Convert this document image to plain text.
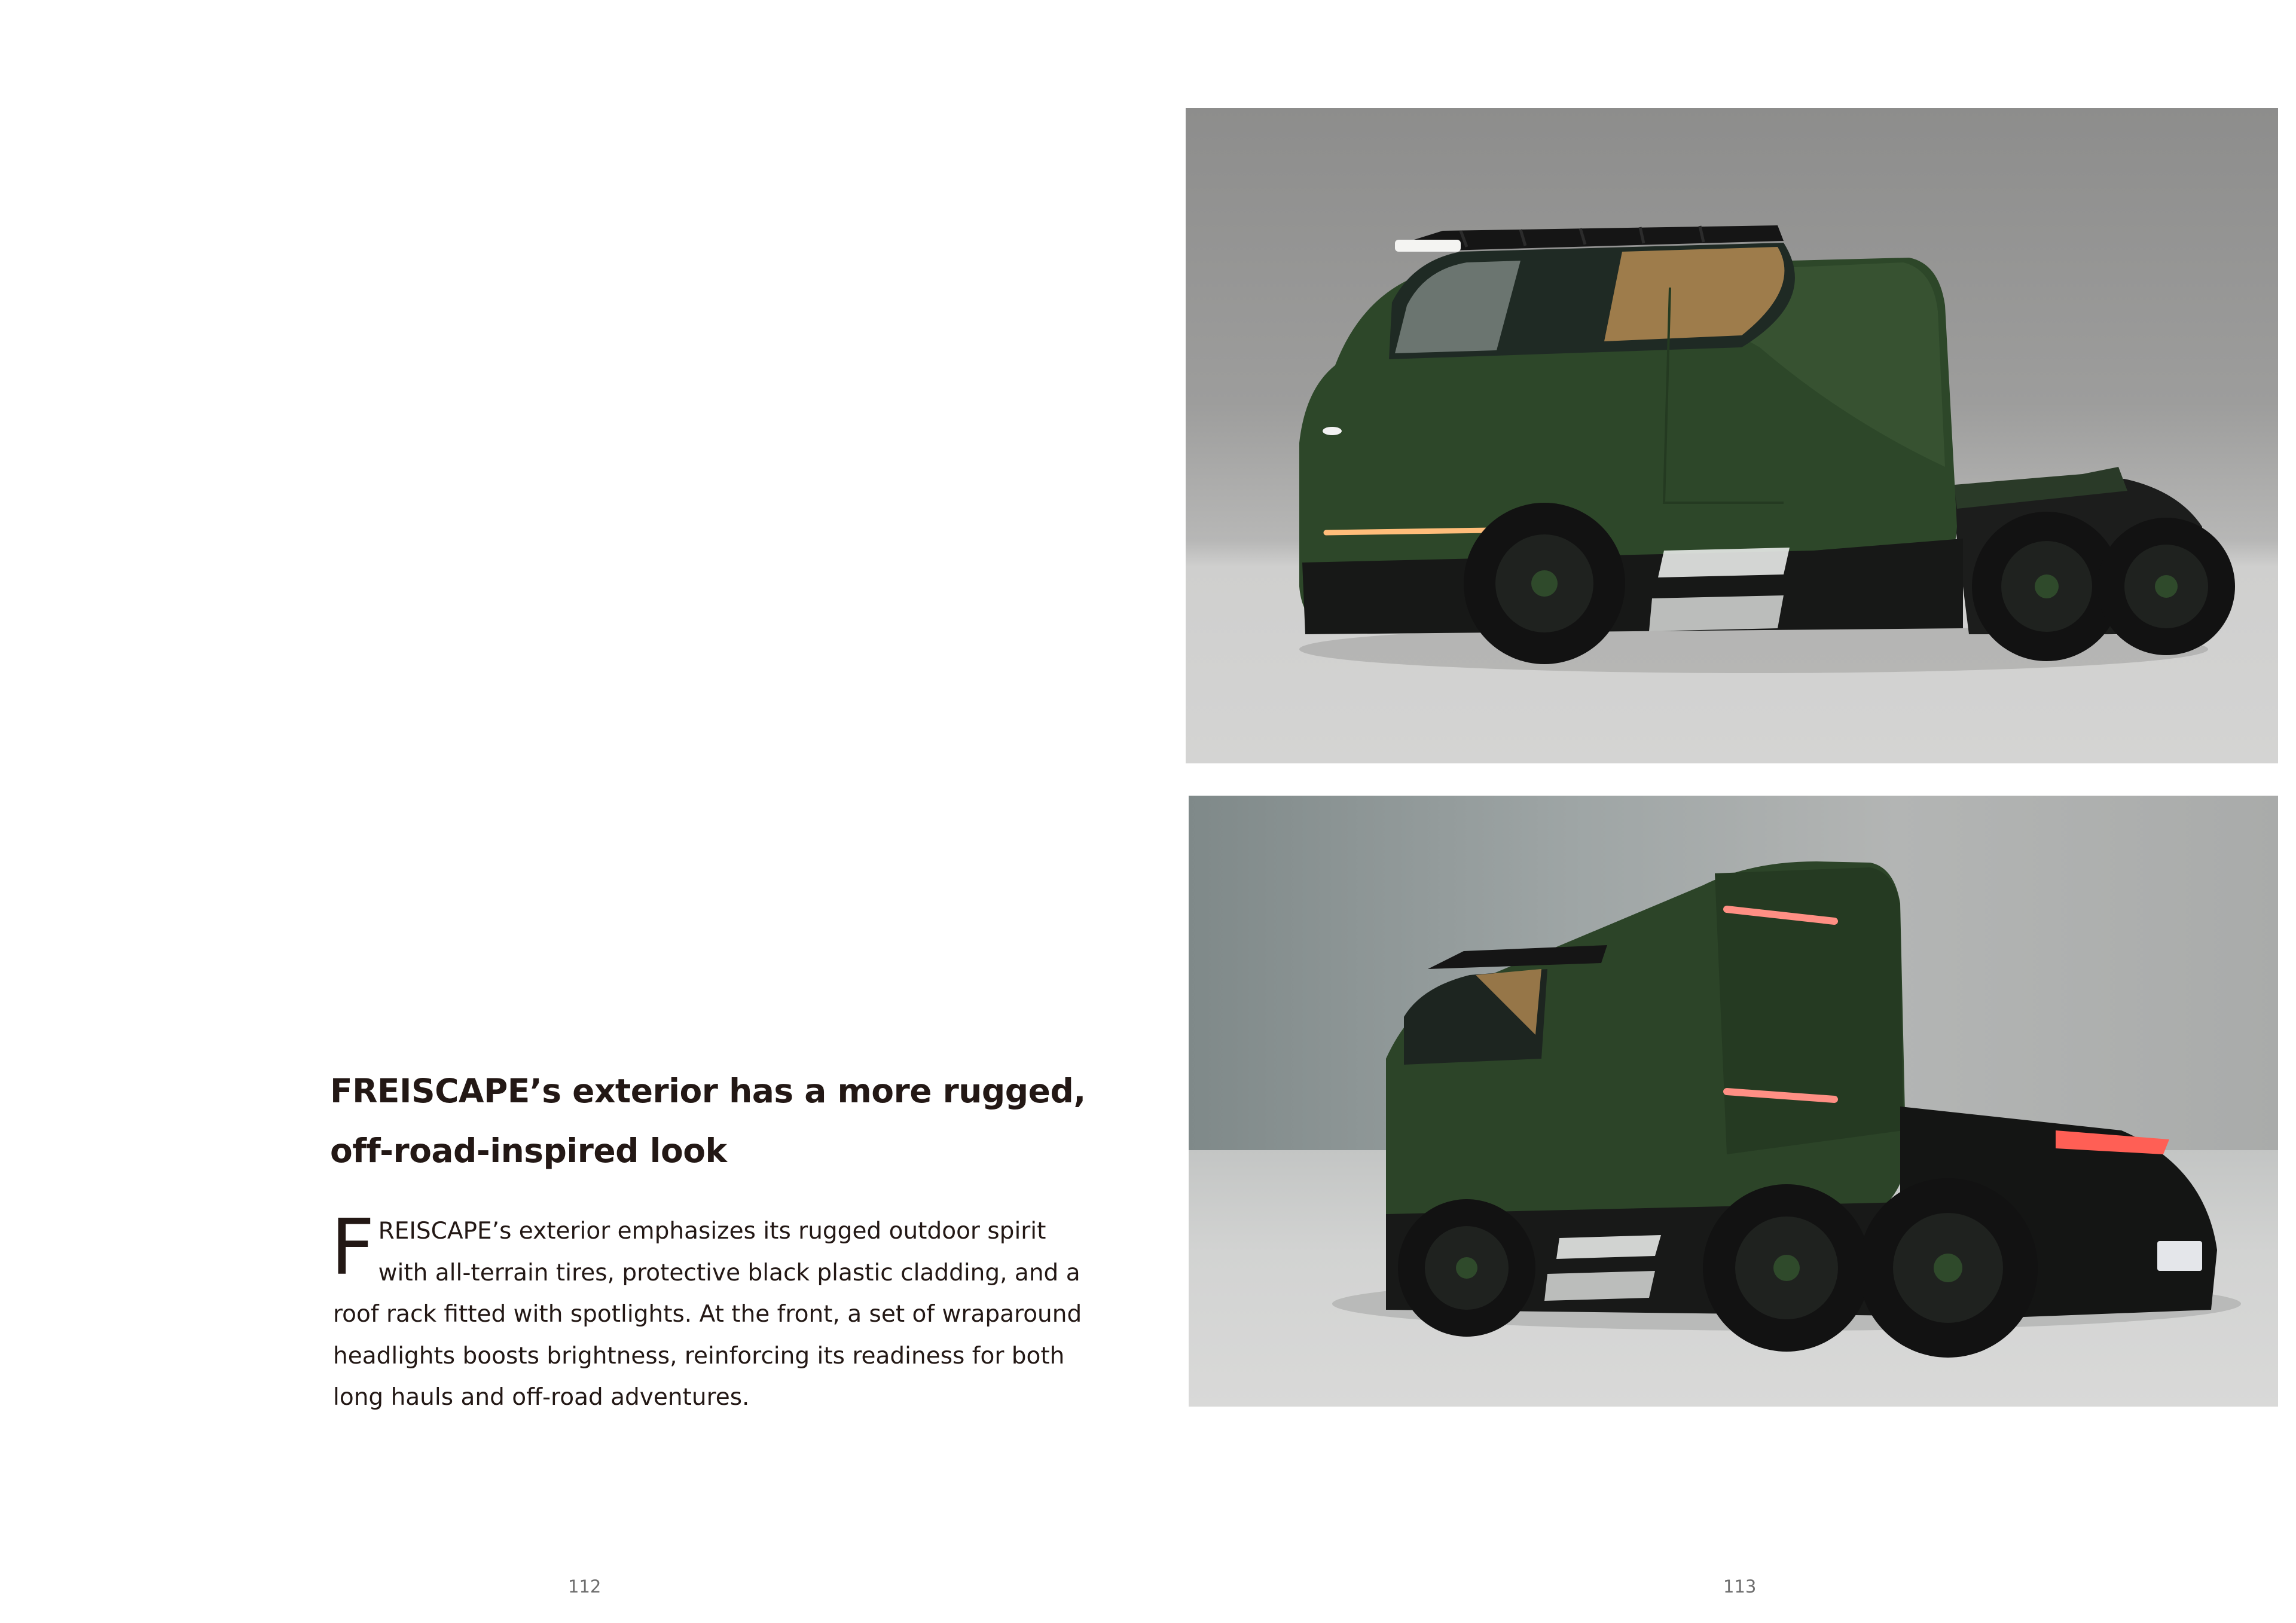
FREISCAPE’s exterior has a more rugged, off-road-inspired look

FREISCAPE’s exterior emphasizes its rugged outdoor spirit with all-terrain tires, protective black plastic cladding, and a roof rack fitted with spotlights. At the front, a set of wraparound headlights boosts brightness, reinforcing its readiness for both long hauls and off-road adventures.

112	113
